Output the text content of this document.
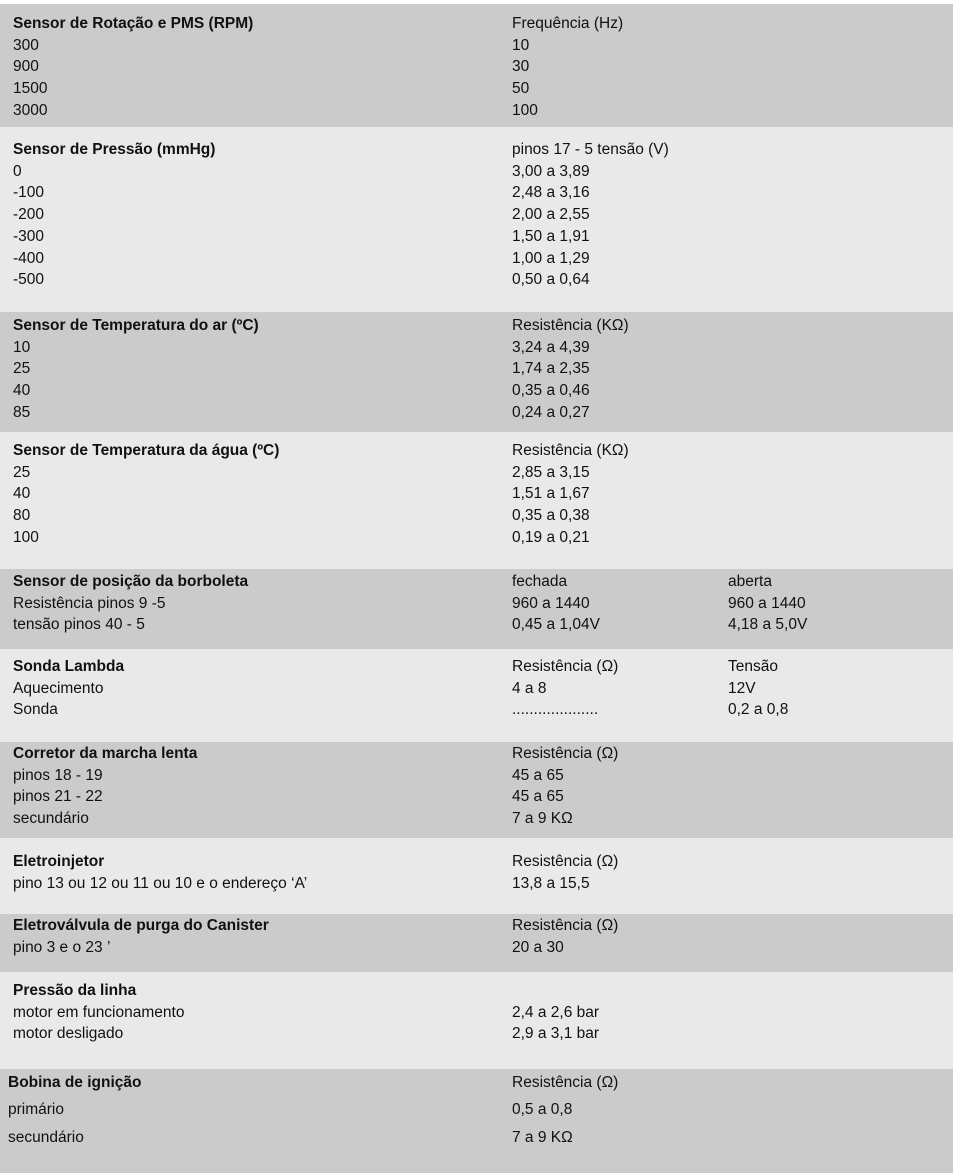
Sensor de Rotação e PMS (RPM)	Frequência (Hz)
300	10
900	30
1500	50
3000	100
Sensor de Pressão (mmHg)	pinos 17 - 5 tensão (V)
0	3,00 a 3,89
-100	2,48 a 3,16
-200	2,00 a 2,55
-300	1,50 a 1,91
-400	1,00 a 1,29
-500	0,50 a 0,64
Sensor de Temperatura do ar (ºC)	Resistência (KΩ)
10	3,24 a 4,39
25	1,74 a 2,35
40	0,35 a 0,46
85	0,24 a 0,27
Sensor de Temperatura da água (ºC)	Resistência (KΩ)
25	2,85 a 3,15
40	1,51 a 1,67
80	0,35 a 0,38
100	0,19 a 0,21
Sensor de posição da borboleta	fechada	aberta
Resistência pinos 9 -5	960 a 1440	960 a 1440
tensão pinos 40 - 5	0,45 a 1,04V	4,18 a 5,0V
Sonda Lambda	Resistência (Ω)	Tensão
Aquecimento	4 a 8	12V
Sonda	....................	0,2 a 0,8
Corretor da marcha lenta	Resistência (Ω)
pinos 18 - 19	45 a 65
pinos 21 - 22	45 a 65
secundário	7 a 9 KΩ
Eletroinjetor	Resistência (Ω)
pino 13 ou 12 ou 11 ou 10 e o endereço ‘A’	13,8 a 15,5
Eletroválvula de purga do Canister	Resistência (Ω)
pino 3 e o 23 ’	20 a 30
Pressão da linha
motor em funcionamento	2,4 a 2,6 bar
motor desligado	2,9 a 3,1 bar
Bobina de ignição	Resistência (Ω)
primário	0,5 a 0,8
secundário	7 a 9 KΩ
